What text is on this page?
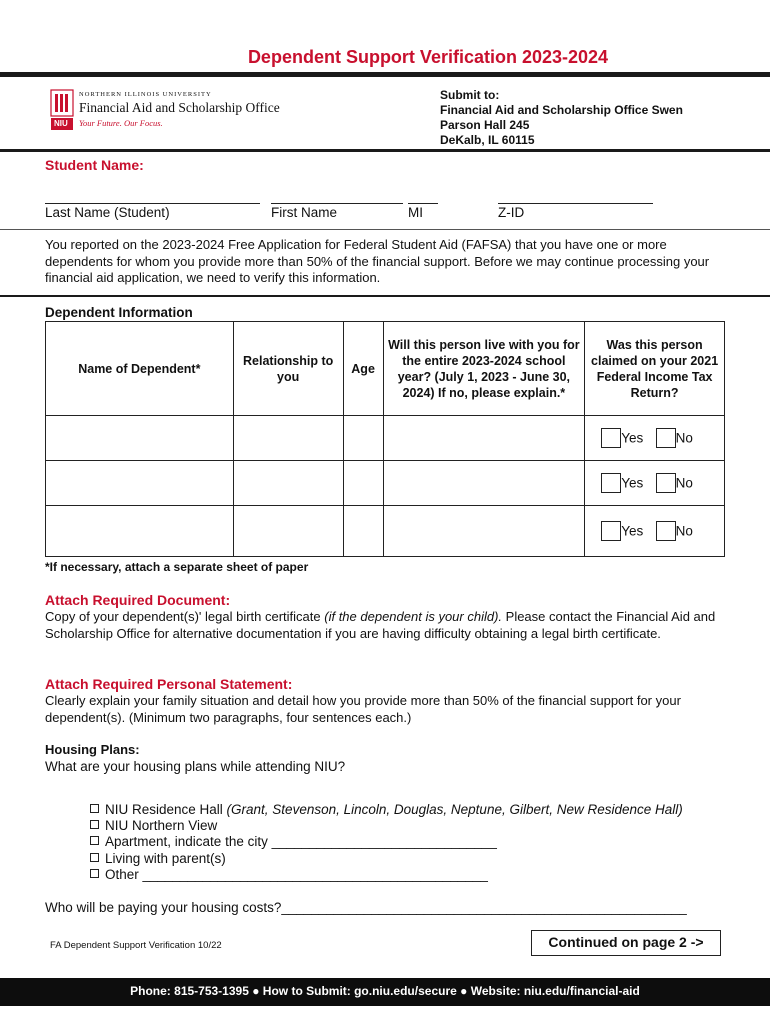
Dependent Support Verification 2023-2024
NIU
NORTHERN ILLINOIS UNIVERSITY
Financial Aid and Scholarship Office
Your Future. Our Focus.
Submit to:
Financial Aid and Scholarship Office Swen
Parson Hall 245
DeKalb, IL 60115
Student Name:
Last Name (Student)	First Name	MI	Z-ID
You reported on the 2023-2024 Free Application for Federal Student Aid (FAFSA) that you have one or more dependents for whom you provide more than 50% of the financial support. Before we may continue processing your financial aid application, we need to verify this information.
Dependent Information
Name of Dependent*	Relationship to you	Age	Will this person live with you for the entire 2023-2024 school year? (July 1, 2023 - June 30, 2024) If no, please explain.*	Was this person claimed on your 2021 Federal Income Tax Return?
				Yes No
				Yes No
				Yes No
*If necessary, attach a separate sheet of paper
Attach Required Document:
Copy of your dependent(s)' legal birth certificate (if the dependent is your child). Please contact the Financial Aid and Scholarship Office for alternative documentation if you are having difficulty obtaining a legal birth certificate.
Attach Required Personal Statement:
Clearly explain your family situation and detail how you provide more than 50% of the financial support for your dependent(s). (Minimum two paragraphs, four sentences each.)
Housing Plans:
What are your housing plans while attending NIU?
NIU Residence Hall (Grant, Stevenson, Lincoln, Douglas, Neptune, Gilbert, New Residence Hall)
NIU Northern View
Apartment, indicate the city ______________________________
Living with parent(s)
Other ______________________________________________
Who will be paying your housing costs?______________________________________________________
FA Dependent Support Verification 10/22	Continued on page 2 ->
Phone: 815-753-1395 ● How to Submit: go.niu.edu/secure ● Website: niu.edu/financial-aid
